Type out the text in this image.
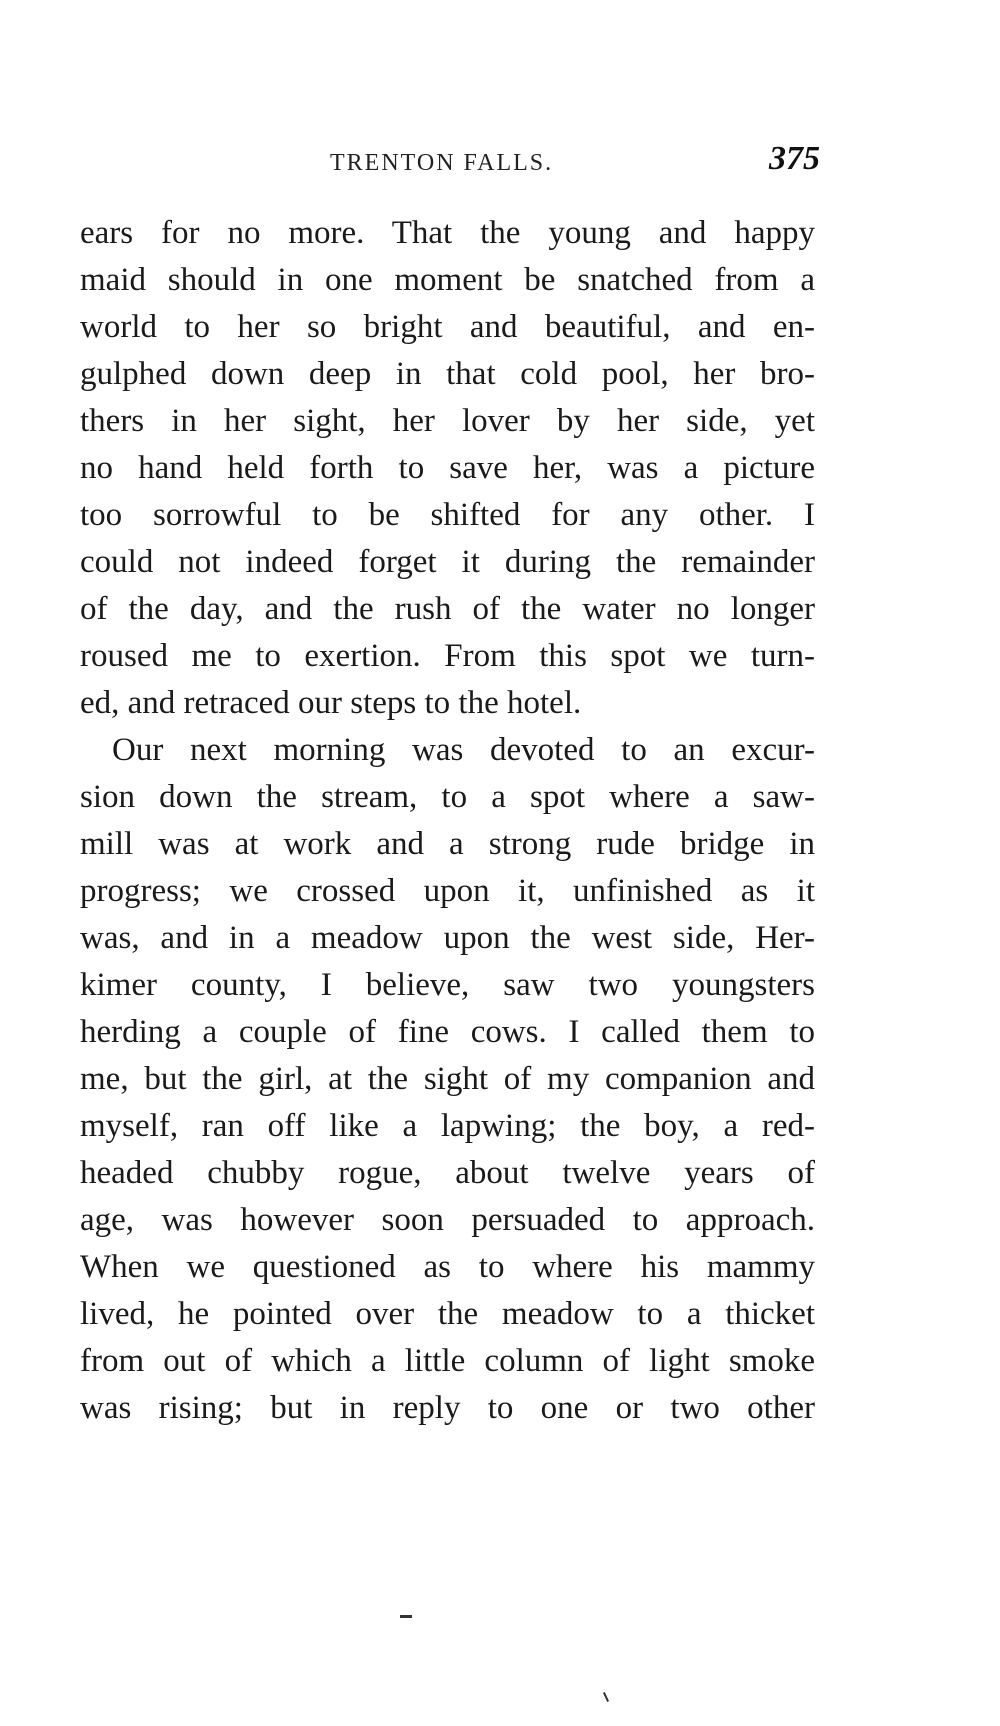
TRENTON FALLS.	375
ears for no more. That the young and happy
maid should in one moment be snatched from a
world to her so bright and beautiful, and en-
gulphed down deep in that cold pool, her bro-
thers in her sight, her lover by her side, yet
no hand held forth to save her, was a picture
too sorrowful to be shifted for any other. I
could not indeed forget it during the remainder
of the day, and the rush of the water no longer
roused me to exertion. From this spot we turn-
ed, and retraced our steps to the hotel.
Our next morning was devoted to an excur-
sion down the stream, to a spot where a saw-
mill was at work and a strong rude bridge in
progress; we crossed upon it, unfinished as it
was, and in a meadow upon the west side, Her-
kimer county, I believe, saw two youngsters
herding a couple of fine cows. I called them to
me, but the girl, at the sight of my companion and
myself, ran off like a lapwing; the boy, a red-
headed chubby rogue, about twelve years of
age, was however soon persuaded to approach.
When we questioned as to where his mammy
lived, he pointed over the meadow to a thicket
from out of which a little column of light smoke
was rising; but in reply to one or two other
